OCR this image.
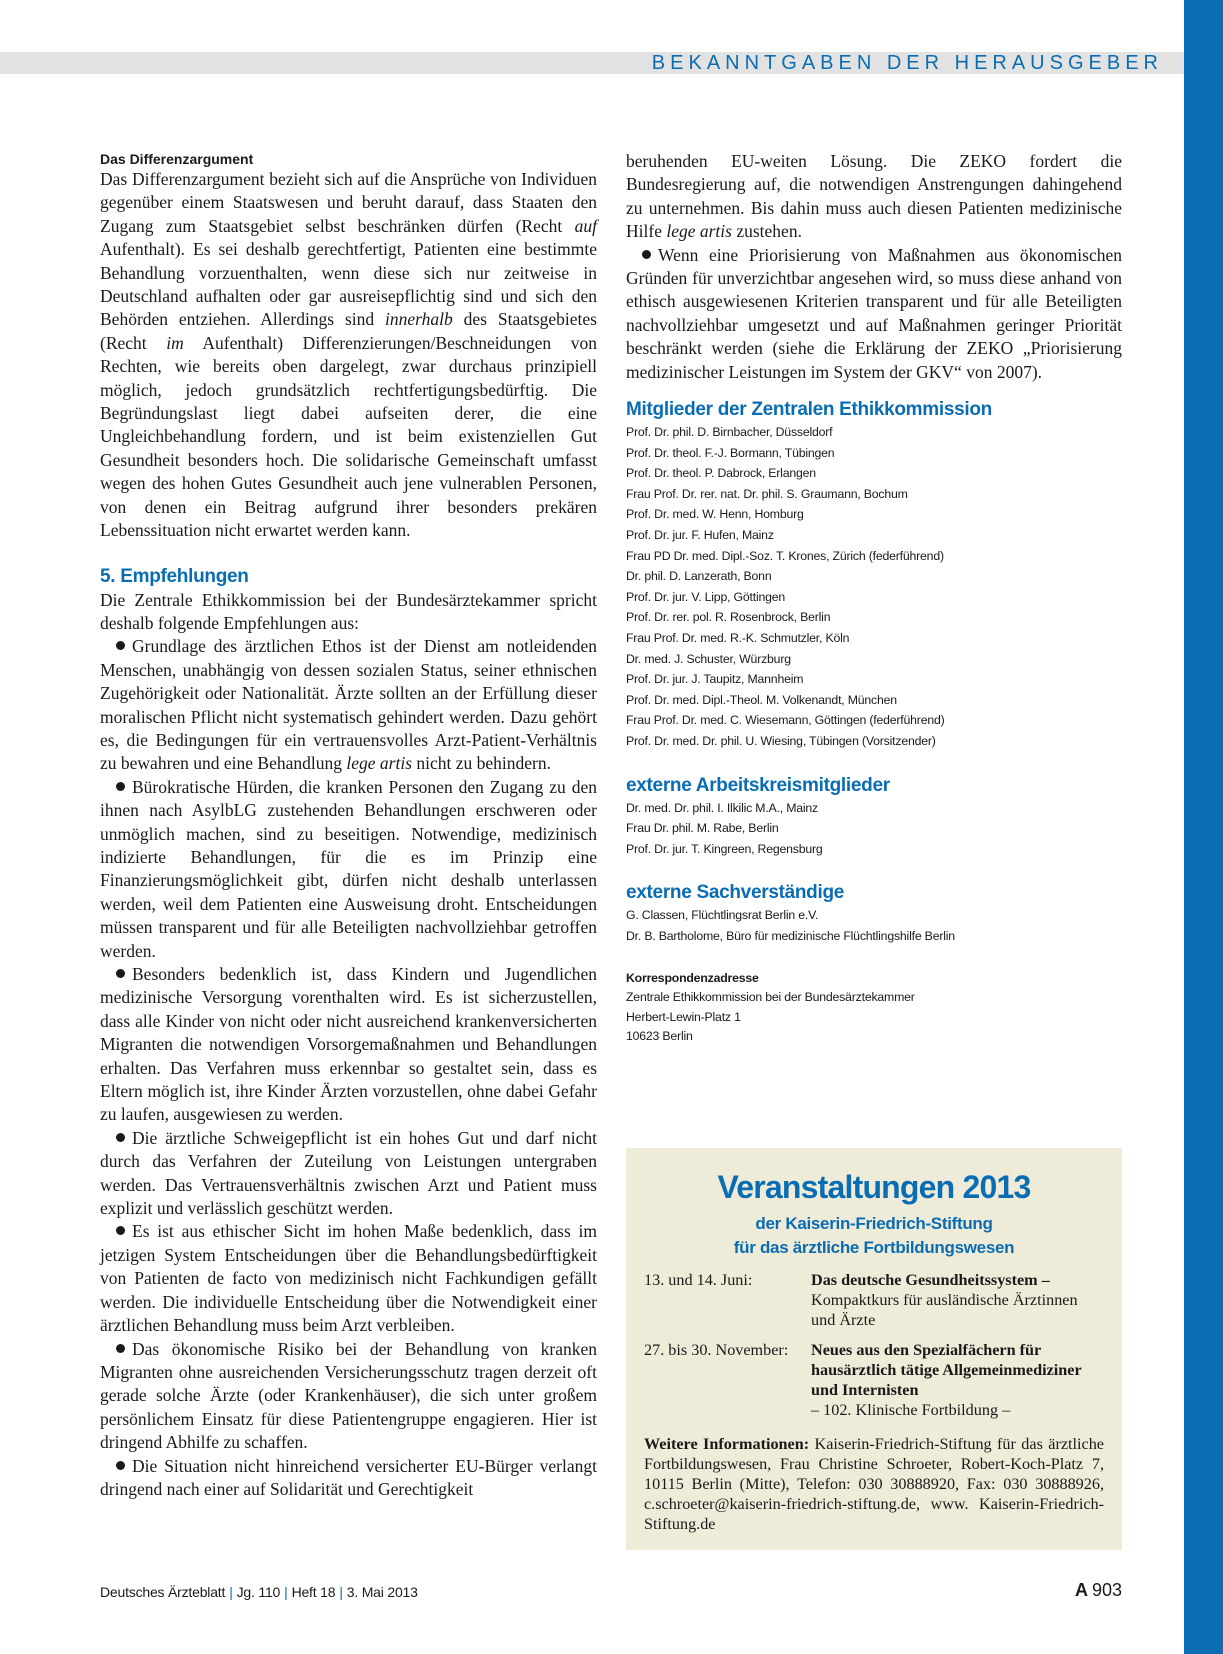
BEKANNTGABEN DER HERAUSGEBER

Das Differenzargument

Das Differenzargument bezieht sich auf die Ansprüche von Individuen gegenüber einem Staatswesen und beruht darauf, dass Staaten den Zugang zum Staatsgebiet selbst beschränken dürfen (Recht auf Aufenthalt). Es sei deshalb gerechtfertigt, Patienten eine bestimmte Behandlung vorzuenthalten, wenn diese sich nur zeitweise in Deutschland aufhalten oder gar ausreisepflichtig sind und sich den Behörden entziehen. Allerdings sind innerhalb des Staatsgebietes (Recht im Aufenthalt) Differenzierungen/Beschneidungen von Rechten, wie bereits oben dargelegt, zwar durchaus prinzipiell möglich, jedoch grundsätzlich rechtfertigungsbedürftig. Die Begründungslast liegt dabei aufseiten derer, die eine Ungleichbehandlung fordern, und ist beim existenziellen Gut Gesundheit besonders hoch. Die solidarische Gemeinschaft umfasst wegen des hohen Gutes Gesundheit auch jene vulnerablen Personen, von denen ein Beitrag aufgrund ihrer besonders prekären Lebenssituation nicht erwartet werden kann.

5. Empfehlungen

Die Zentrale Ethikkommission bei der Bundesärztekammer spricht deshalb folgende Empfehlungen aus:

Grundlage des ärztlichen Ethos ist der Dienst am notleidenden Menschen, unabhängig von dessen sozialen Status, seiner ethnischen Zugehörigkeit oder Nationalität. Ärzte sollten an der Erfüllung dieser moralischen Pflicht nicht systematisch gehindert werden. Dazu gehört es, die Bedingungen für ein vertrauensvolles Arzt-Patient-Verhältnis zu bewahren und eine Behandlung lege artis nicht zu behindern.

Bürokratische Hürden, die kranken Personen den Zugang zu den ihnen nach AsylbLG zustehenden Behandlungen erschweren oder unmöglich machen, sind zu beseitigen. Notwendige, medizinisch indizierte Behandlungen, für die es im Prinzip eine Finanzierungsmöglichkeit gibt, dürfen nicht deshalb unterlassen werden, weil dem Patienten eine Ausweisung droht. Entscheidungen müssen transparent und für alle Beteiligten nachvollziehbar getroffen werden.

Besonders bedenklich ist, dass Kindern und Jugendlichen medizinische Versorgung vorenthalten wird. Es ist sicherzustellen, dass alle Kinder von nicht oder nicht ausreichend krankenversicherten Migranten die notwendigen Vorsorgemaßnahmen und Behandlungen erhalten. Das Verfahren muss erkennbar so gestaltet sein, dass es Eltern möglich ist, ihre Kinder Ärzten vorzustellen, ohne dabei Gefahr zu laufen, ausgewiesen zu werden.

Die ärztliche Schweigepflicht ist ein hohes Gut und darf nicht durch das Verfahren der Zuteilung von Leistungen untergraben werden. Das Vertrauensverhältnis zwischen Arzt und Patient muss explizit und verlässlich geschützt werden.

Es ist aus ethischer Sicht im hohen Maße bedenklich, dass im jetzigen System Entscheidungen über die Behandlungsbedürftigkeit von Patienten de facto von medizinisch nicht Fachkundigen gefällt werden. Die individuelle Entscheidung über die Notwendigkeit einer ärztlichen Behandlung muss beim Arzt verbleiben.

Das ökonomische Risiko bei der Behandlung von kranken Migranten ohne ausreichenden Versicherungsschutz tragen derzeit oft gerade solche Ärzte (oder Krankenhäuser), die sich unter großem persönlichem Einsatz für diese Patientengruppe engagieren. Hier ist dringend Abhilfe zu schaffen.

Die Situation nicht hinreichend versicherter EU-Bürger verlangt dringend nach einer auf Solidarität und Gerechtigkeit

beruhenden EU-weiten Lösung. Die ZEKO fordert die Bundesregierung auf, die notwendigen Anstrengungen dahingehend zu unternehmen. Bis dahin muss auch diesen Patienten medizinische Hilfe lege artis zustehen.

Wenn eine Priorisierung von Maßnahmen aus ökonomischen Gründen für unverzichtbar angesehen wird, so muss diese anhand von ethisch ausgewiesenen Kriterien transparent und für alle Beteiligten nachvollziehbar umgesetzt und auf Maßnahmen geringer Priorität beschränkt werden (siehe die Erklärung der ZEKO „Priorisierung medizinischer Leistungen im System der GKV“ von 2007).

Mitglieder der Zentralen Ethikkommission
Prof. Dr. phil. D. Birnbacher, Düsseldorf
Prof. Dr. theol. F.-J. Bormann, Tübingen
Prof. Dr. theol. P. Dabrock, Erlangen
Frau Prof. Dr. rer. nat. Dr. phil. S. Graumann, Bochum
Prof. Dr. med. W. Henn, Homburg
Prof. Dr. jur. F. Hufen, Mainz
Frau PD Dr. med. Dipl.-Soz. T. Krones, Zürich (federführend)
Dr. phil. D. Lanzerath, Bonn
Prof. Dr. jur. V. Lipp, Göttingen
Prof. Dr. rer. pol. R. Rosenbrock, Berlin
Frau Prof. Dr. med. R.-K. Schmutzler, Köln
Dr. med. J. Schuster, Würzburg
Prof. Dr. jur. J. Taupitz, Mannheim
Prof. Dr. med. Dipl.-Theol. M. Volkenandt, München
Frau Prof. Dr. med. C. Wiesemann, Göttingen (federführend)
Prof. Dr. med. Dr. phil. U. Wiesing, Tübingen (Vorsitzender)
externe Arbeitskreismitglieder
Dr. med. Dr. phil. I. Ilkilic M.A., Mainz
Frau Dr. phil. M. Rabe, Berlin
Prof. Dr. jur. T. Kingreen, Regensburg
externe Sachverständige
G. Classen, Flüchtlingsrat Berlin e.V.
Dr. B. Bartholome, Büro für medizinische Flüchtlingshilfe Berlin
Korrespondenzadresse
Zentrale Ethikkommission bei der Bundesärztekammer
Herbert-Lewin-Platz 1
10623 Berlin
Veranstaltungen 2013
der Kaiserin-Friedrich-Stiftung
für das ärztliche Fortbildungswesen
13. und 14. Juni:	Das deutsche Gesundheitssystem –
Kompaktkurs für ausländische Ärztinnen und Ärzte
27. bis 30. November:	Neues aus den Spezialfächern für hausärztlich tätige Allgemeinmediziner und Internisten
– 102. Klinische Fortbildung –
Weitere Informationen: Kaiserin-Friedrich-Stiftung für das ärztliche Fortbildungswesen, Frau Christine Schroeter, Robert-Koch-Platz 7, 10115 Berlin (Mitte), Telefon: 030 30888920, Fax: 030 30888926, c.schroeter@kaiserin-friedrich-stiftung.de, www. Kaiserin-Friedrich-Stiftung.de
Deutsches Ärzteblatt | Jg. 110 | Heft 18 | 3. Mai 2013	A 903
